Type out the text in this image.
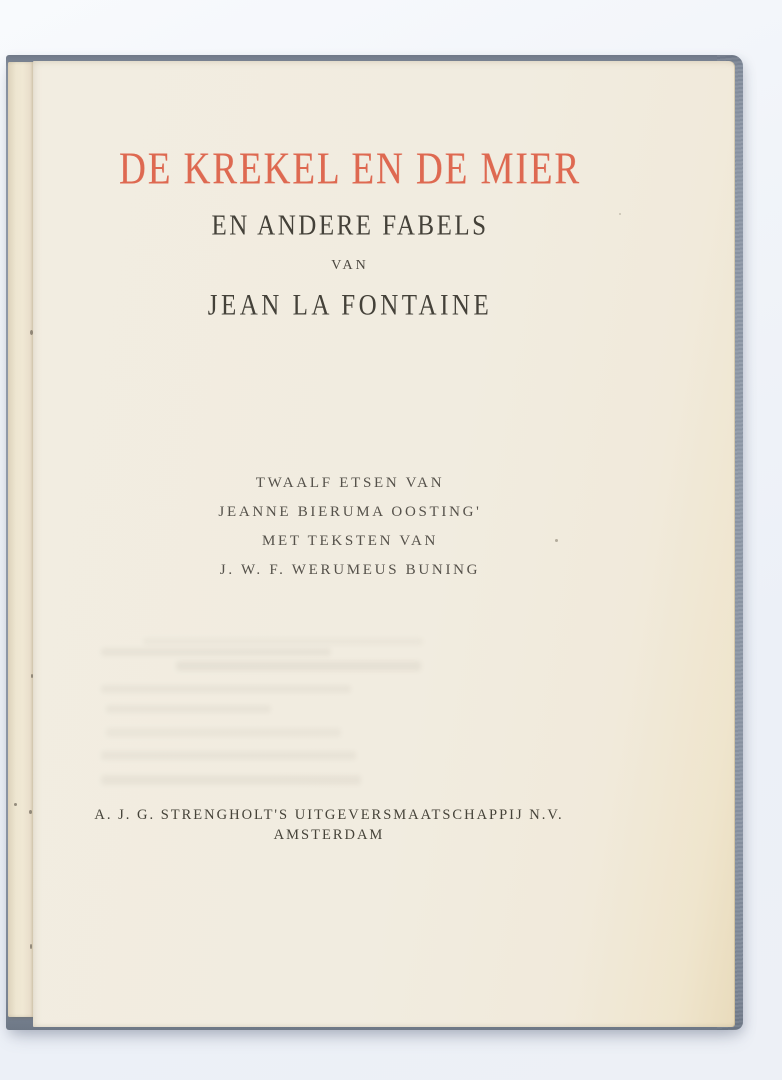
DE KREKEL EN DE MIER
EN ANDERE FABELS
VAN
JEAN LA FONTAINE
TWAALF ETSEN VAN
JEANNE BIERUMA OOSTING'
MET TEKSTEN VAN
J. W. F. WERUMEUS BUNING
A. J. G. STRENGHOLT'S UITGEVERSMAATSCHAPPIJ N.V.
AMSTERDAM
